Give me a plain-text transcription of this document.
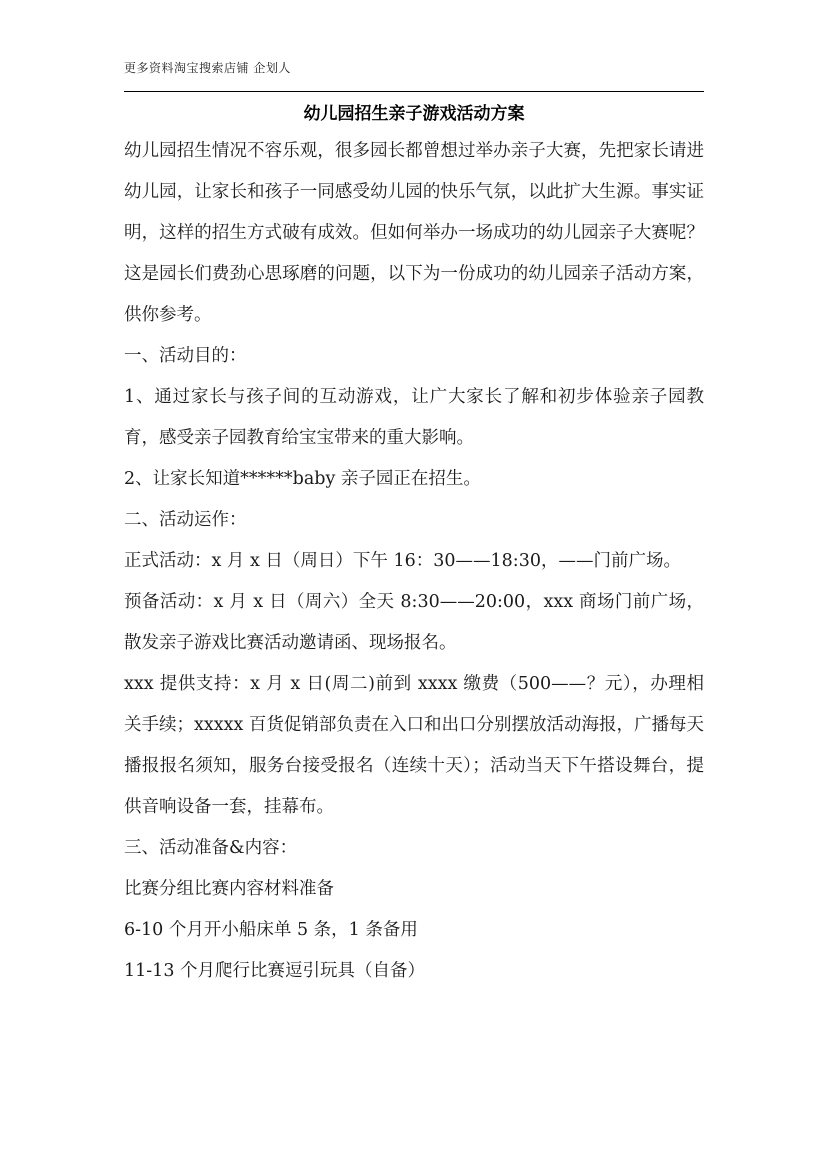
更多资料淘宝搜索店铺 企划人
幼儿园招生亲子游戏活动方案

幼儿园招生情况不容乐观，很多园长都曾想过举办亲子大赛，先把家长请进幼儿园，让家长和孩子一同感受幼儿园的快乐气氛，以此扩大生源。事实证明，这样的招生方式破有成效。但如何举办一场成功的幼儿园亲子大赛呢？这是园长们费劲心思琢磨的问题，以下为一份成功的幼儿园亲子活动方案，供你参考。

一、活动目的：

1、通过家长与孩子间的互动游戏，让广大家长了解和初步体验亲子园教育，感受亲子园教育给宝宝带来的重大影响。

2、让家长知道******baby 亲子园正在招生。

二、活动运作：

正式活动：x 月 x 日（周日）下午 16：30——18:30，——门前广场。

预备活动：x 月 x 日（周六）全天 8:30——20:00，xxx 商场门前广场，散发亲子游戏比赛活动邀请函、现场报名。

xxx 提供支持：x 月 x 日(周二)前到 xxxx 缴费（500——？元），办理相关手续；xxxxx 百货促销部负责在入口和出口分别摆放活动海报，广播每天播报报名须知，服务台接受报名（连续十天）；活动当天下午搭设舞台，提供音响设备一套，挂幕布。

三、活动准备&内容：

比赛分组比赛内容材料准备

6-10 个月开小船床单 5 条，1 条备用

11-13 个月爬行比赛逗引玩具（自备）
